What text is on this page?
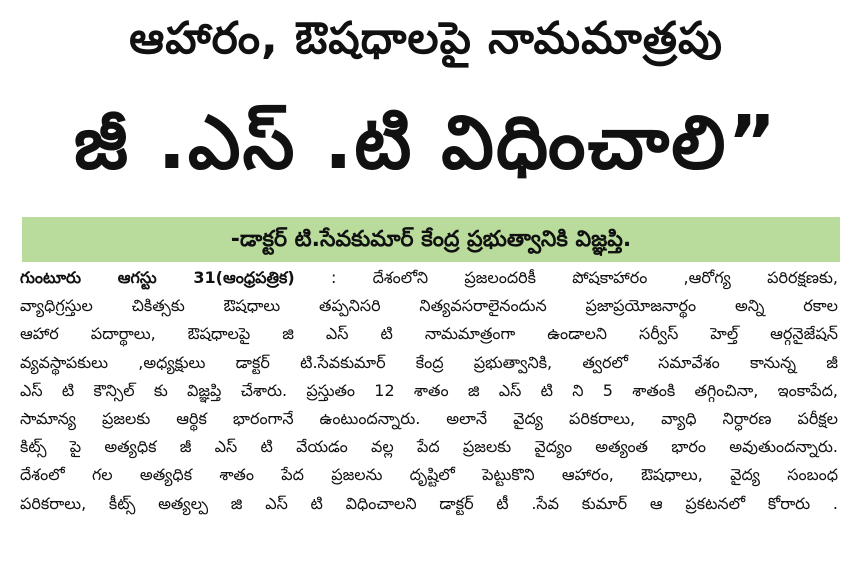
ఆహారం, ఔషధాలపై నామమాత్రపు
జీ .ఎస్ .టి విధించాలి”
-డాక్టర్ టి.సేవకుమార్ కేంద్ర ప్రభుత్వానికి విజ్ఞప్తి.
గుంటూరు ఆగస్టు 31(ఆంధ్రపత్రిక) : దేశంలోని ప్రజలందరికీ పోషకాహారం ,ఆరోగ్య పరిరక్షణకు,
వ్యాధిగ్రస్తుల చికిత్సకు ఔషధాలు తప్పనిసరి నిత్యవసరాలైనందున ప్రజాప్రయోజనార్థం అన్ని రకాల
ఆహార పదార్థాలు, ఔషధాలపై జి ఎస్ టి నామమాత్రంగా ఉండాలని సర్వీస్ హెల్త్ ఆర్గనైజేషన్
వ్యవస్థాపకులు ,అధ్యక్షులు డాక్టర్ టి.సేవకుమార్ కేంద్ర ప్రభుత్వానికి, త్వరలో సమావేశం కానున్న జీ
ఎస్ టి కౌన్సిల్ కు విజ్ఞప్తి చేశారు. ప్రస్తుతం 12 శాతం జి ఎస్ టి ని 5 శాతంకి తగ్గించినా, ఇంకాపేద,
సామాన్య ప్రజలకు ఆర్థిక భారంగానే ఉంటుందన్నారు. అలానే వైద్య పరికరాలు, వ్యాధి నిర్ధారణ పరీక్షల
కిట్స్ పై అత్యధిక జీ ఎస్ టి వేయడం వల్ల పేద ప్రజలకు వైద్యం అత్యంత భారం అవుతుందన్నారు.
దేశంలో గల అత్యధిక శాతం పేద ప్రజలను దృష్టిలో పెట్టుకొని ఆహారం, ఔషధాలు, వైద్య సంబంధ
పరికరాలు, కీట్స్ అత్యల్ప జి ఎస్ టి విధించాలని డాక్టర్ టీ .సేవ కుమార్ ఆ ప్రకటనలో కోరారు .
